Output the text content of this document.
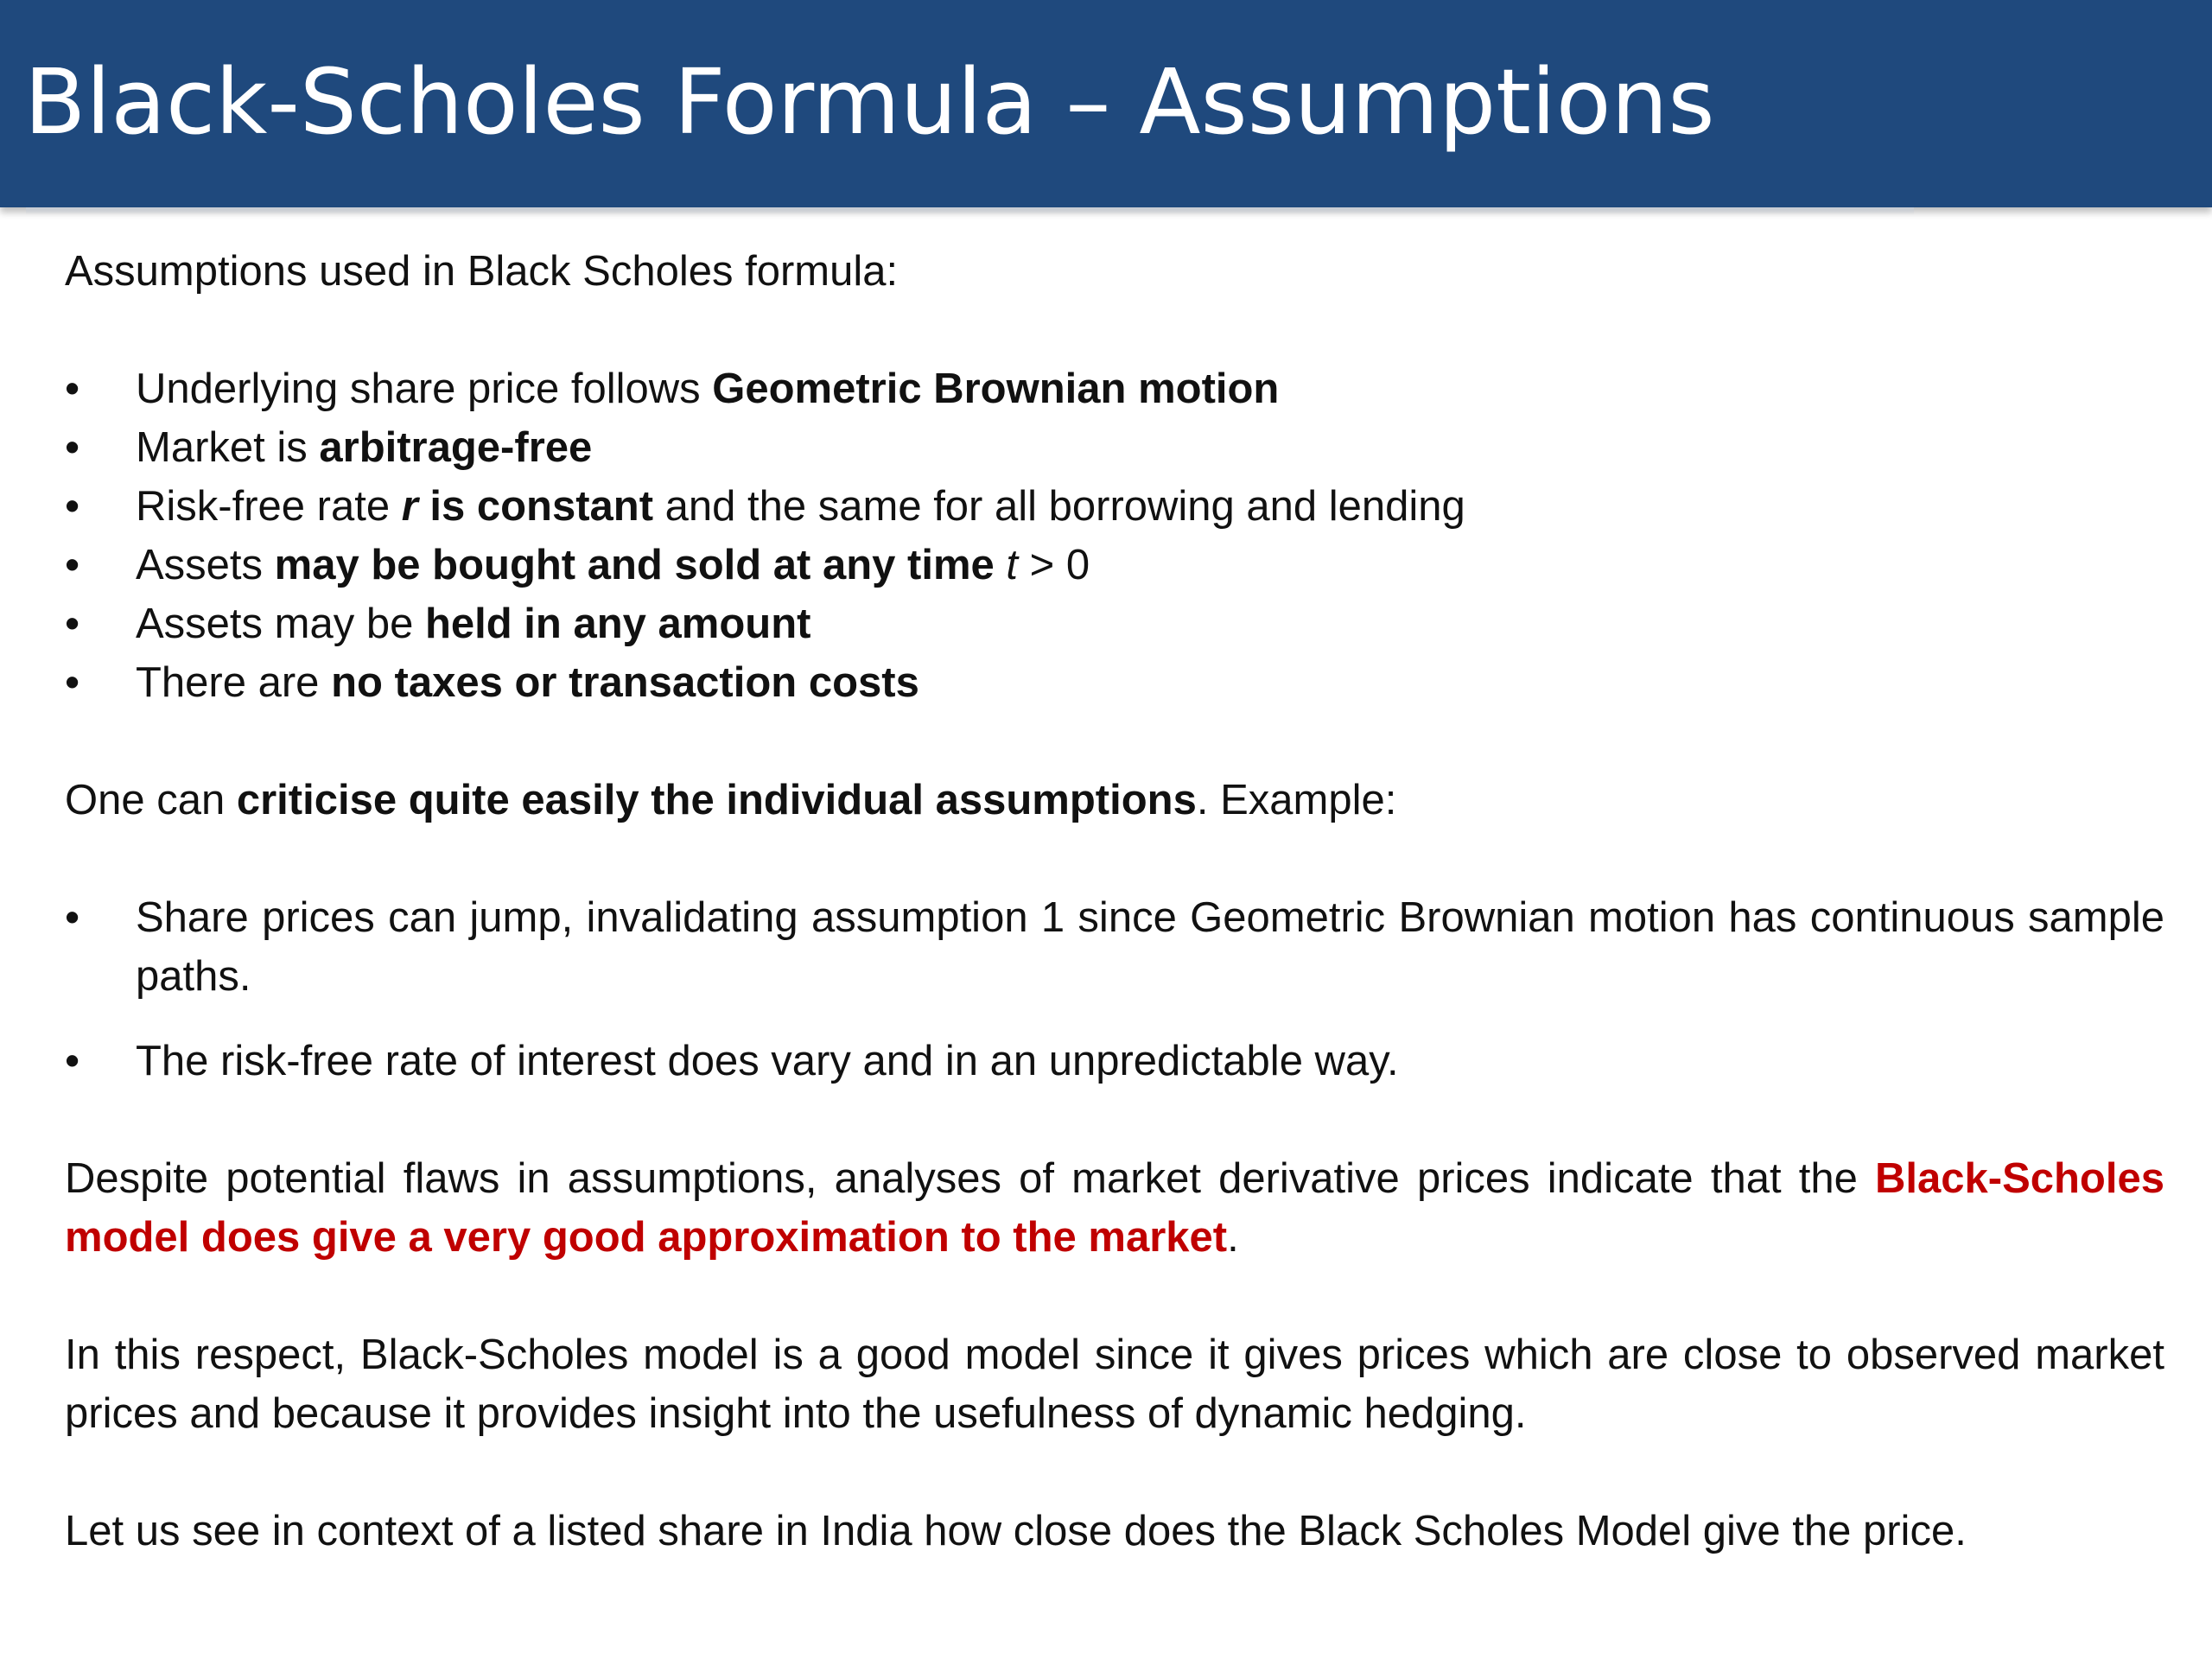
Black-Scholes Formula – Assumptions

Assumptions used in Black Scholes formula:

•	Underlying share price follows Geometric Brownian motion
•	Market is arbitrage-free
•	Risk-free rate r is constant and the same for all borrowing and lending
•	Assets may be bought and sold at any time t > 0
•	Assets may be held in any amount
•	There are no taxes or transaction costs

One can criticise quite easily the individual assumptions. Example:

•	Share prices can jump, invalidating assumption 1 since Geometric Brownian motion has continuous sample paths.
•	The risk-free rate of interest does vary and in an unpredictable way.

Despite potential flaws in assumptions, analyses of market derivative prices indicate that the Black-Scholes model does give a very good approximation to the market.

In this respect, Black-Scholes model is a good model since it gives prices which are close to observed market prices and because it provides insight into the usefulness of dynamic hedging.

Let us see in context of a listed share in India how close does the Black Scholes Model give the price.
